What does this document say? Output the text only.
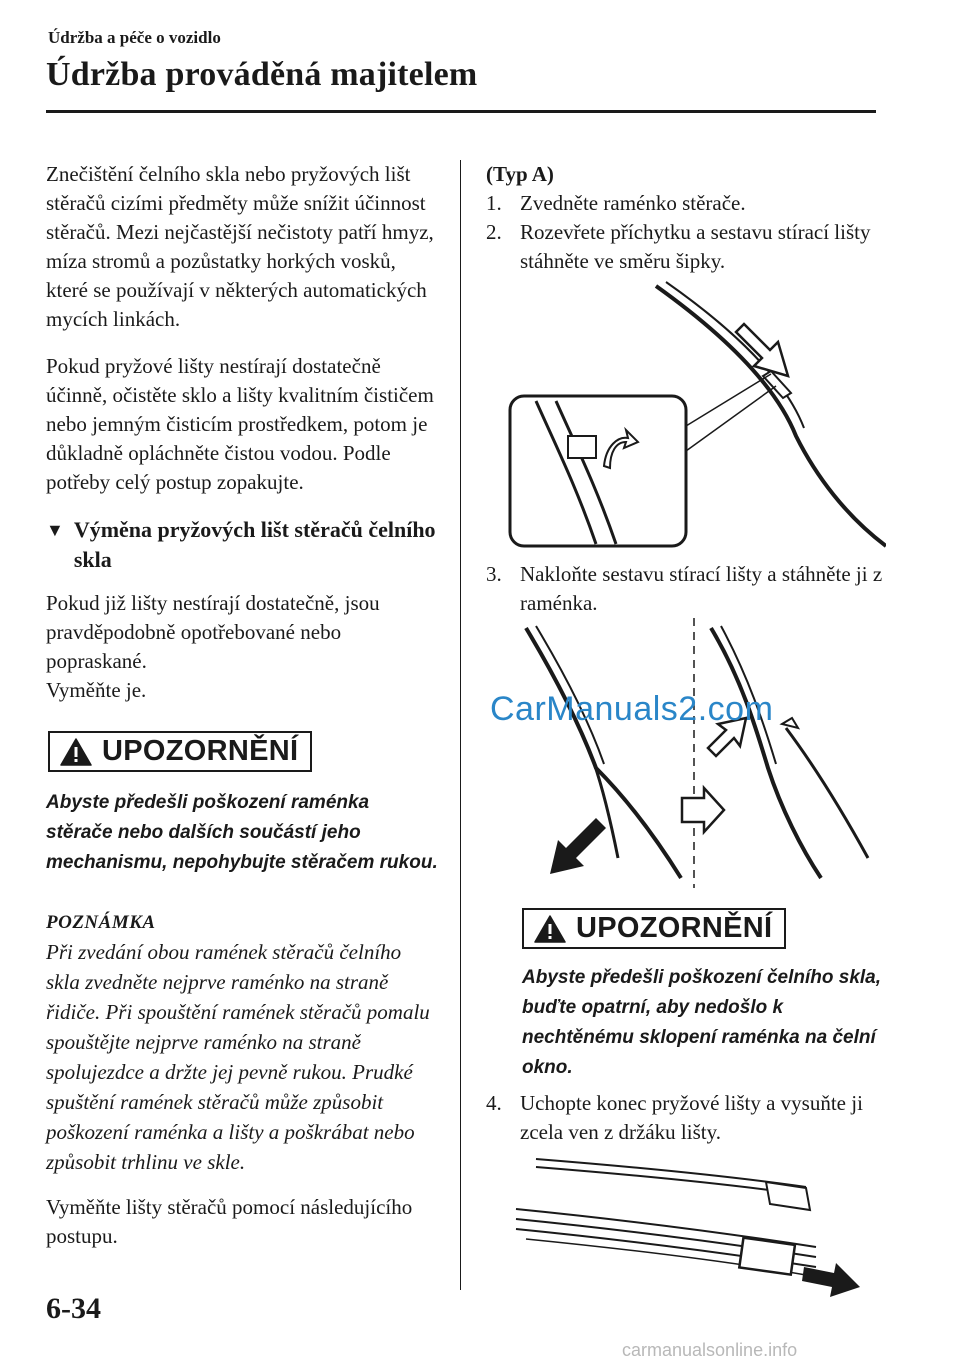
Údržba a péče o vozidlo
Údržba prováděná majitelem

Znečištění čelního skla nebo pryžových lišt stěračů cizími předměty může snížit účinnost stěračů. Mezi nejčastější nečistoty patří hmyz, míza stromů a pozůstatky horkých vosků, které se používají v některých automatických mycích linkách.

Pokud pryžové lišty nestírají dostatečně účinně, očistěte sklo a lišty kvalitním čističem nebo jemným čisticím prostředkem, potom je důkladně opláchněte čistou vodou. Podle potřeby celý postup zopakujte.

▼ Výměna pryžových lišt stěračů čelního skla

Pokud již lišty nestírají dostatečně, jsou pravděpodobně opotřebované nebo popraskané.

Vyměňte je.

UPOZORNĚNÍ

Abyste předešli poškození raménka stěrače nebo dalších součástí jeho mechanismu, nepohybujte stěračem rukou.

POZNÁMKA

Při zvedání obou ramének stěračů čelního skla zvedněte nejprve raménko na straně řidiče. Při spouštění ramének stěračů pomalu spouštějte nejprve raménko na straně spolujezdce a držte jej pevně rukou. Prudké spuštění ramének stěračů může způsobit poškození raménka a lišty a poškrábat nebo způsobit trhlinu ve skle.

Vyměňte lišty stěračů pomocí následujícího postupu.

(Typ A)

1. Zvedněte raménko stěrače.
2. Rozevřete příchytku a sestavu stírací lišty stáhněte ve směru šipky.
3. Nakloňte sestavu stírací lišty a stáhněte ji z raménka.
UPOZORNĚNÍ

Abyste předešli poškození čelního skla, buďte opatrní, aby nedošlo k nechtěnému sklopení raménka na čelní okno.

4. Uchopte konec pryžové lišty a vysuňte ji zcela ven z držáku lišty.
CarManuals2.com
6-34
carmanualsonline.info
